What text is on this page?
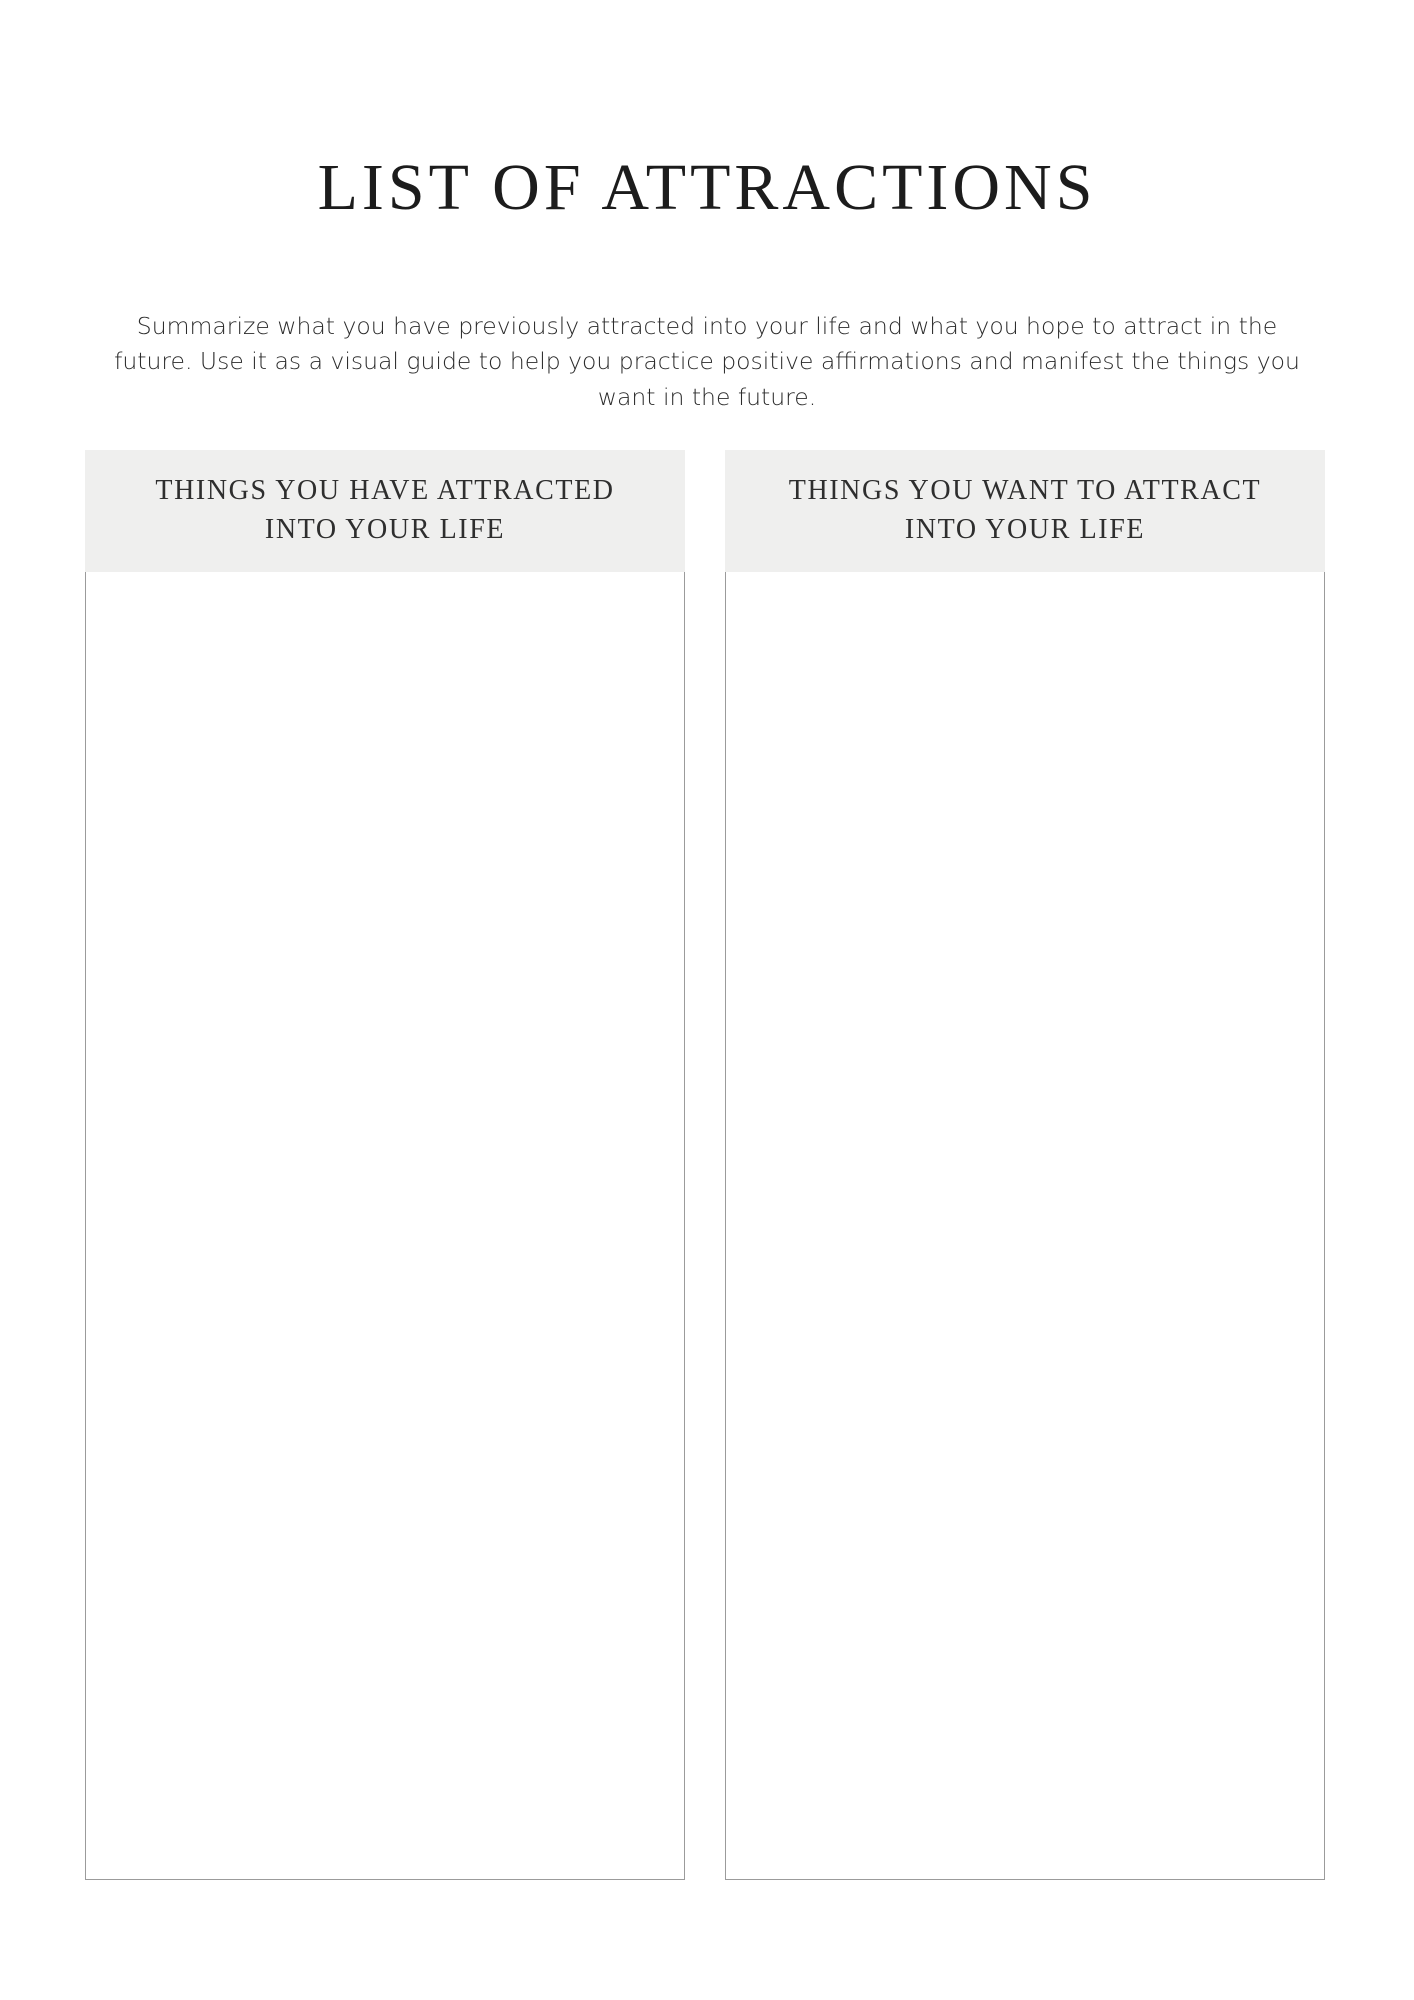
LIST OF ATTRACTIONS

Summarize what you have previously attracted into your life and what you hope to attract in the future. Use it as a visual guide to help you practice positive affirmations and manifest the things you want in the future.

THINGS YOU HAVE ATTRACTED INTO YOUR LIFE
THINGS YOU WANT TO ATTRACT INTO YOUR LIFE
